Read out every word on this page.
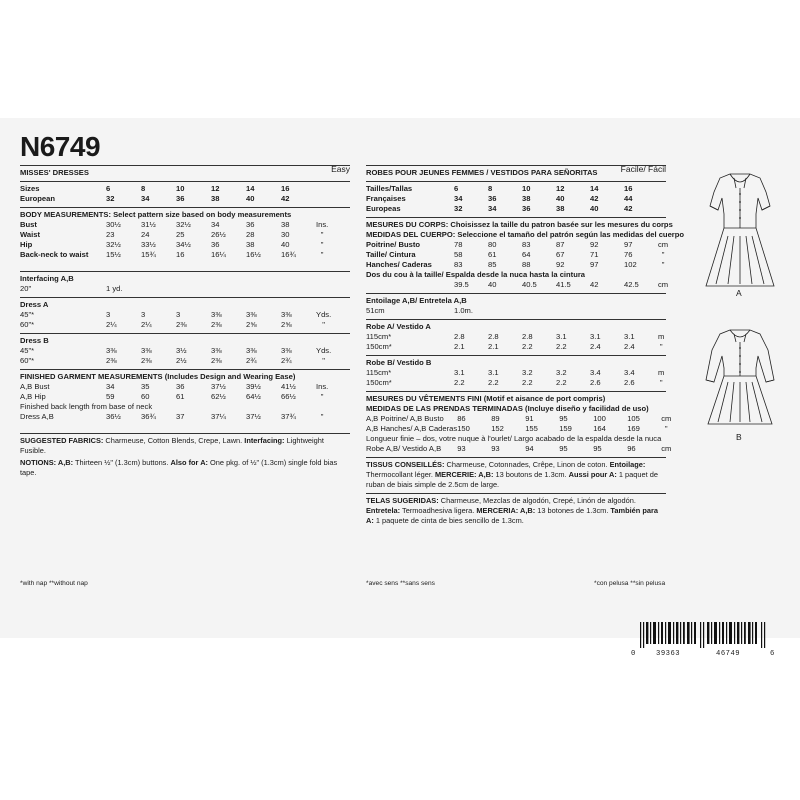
N6749
Easy
MISSES' DRESSES
Sizes	6	8	10	12	14	16
European	32	34	36	38	40	42
BODY MEASUREMENTS: Select pattern size based on body measurements
Bust	30½	31½	32½	34	36	38	Ins.
Waist	23	24	25	26½	28	30	"
Hip	32½	33½	34½	36	38	40	"
Back-neck to waist	15½	15¾	16	16¼	16½	16¾	"
Interfacing A,B
20"	1 yd.
Dress A
45"*	3	3	3	3⅜	3⅜	3⅜	Yds.
60"*	2¼	2¼	2⅜	2⅜	2⅝	2⅝	"
Dress B
45"*	3⅜	3⅜	3½	3⅜	3⅜	3⅜	Yds.
60"*	2⅜	2⅜	2½	2⅜	2¾	2¾	"
FINISHED GARMENT MEASUREMENTS (Includes Design and Wearing Ease)
A,B Bust	34	35	36	37½	39½	41½	Ins.
A,B Hip	59	60	61	62½	64½	66½	"
Finished back length from base of neck							
Dress A,B	36½	36¾	37	37¼	37½	37¾	"
SUGGESTED FABRICS: Charmeuse, Cotton Blends, Crepe, Lawn. Interfacing: Lightweight Fusible.
NOTIONS: A,B: Thirteen ½" (1.3cm) buttons. Also for A: One pkg. of ½" (1.3cm) single fold bias tape.
Facile/ Fácil
ROBES POUR JEUNES FEMMES / VESTIDOS PARA SEÑORITAS
Tailles/Tallas	6	8	10	12	14	16
Françaises	34	36	38	40	42	44
Europeas	32	34	36	38	40	42
MESURES DU CORPS: Choisissez la taille du patron basée sur les mesures du corps
MEDIDAS DEL CUERPO: Seleccione el tamaño del patrón según las medidas del cuerpo
Poitrine/ Busto	78	80	83	87	92	97	cm
Taille/ Cintura	58	61	64	67	71	76	"
Hanches/ Caderas	83	85	88	92	97	102	"
Dos du cou à la taille/ Espalda desde la nuca hasta la cintura							
	39.5	40	40.5	41.5	42	42.5	cm
Entoilage A,B/ Entretela A,B
51cm	1.0m.
Robe A/ Vestido A
115cm*	2.8	2.8	2.8	3.1	3.1	3.1	m
150cm*	2.1	2.1	2.2	2.2	2.4	2.4	"
Robe B/ Vestido B
115cm*	3.1	3.1	3.2	3.2	3.4	3.4	m
150cm*	2.2	2.2	2.2	2.2	2.6	2.6	"
MESURES DU VÊTEMENTS FINI (Motif et aisance de port compris)
MEDIDAS DE LAS PRENDAS TERMINADAS (Incluye diseño y facilidad de uso)
A,B Poitrine/ A,B Busto	86	89	91	95	100	105	cm
A,B Hanches/ A,B Caderas	150	152	155	159	164	169	"
Longueur finie – dos, votre nuque à l'ourlet/ Largo acabado de la espalda desde la nuca							
Robe A,B/ Vestido A,B	93	93	94	95	95	96	cm
TISSUS CONSEILLÉS: Charmeuse, Cotonnades, Crêpe, Linon de coton. Entoilage: Thermocollant léger. MERCERIE: A,B: 13 boutons de 1.3cm. Aussi pour A: 1 paquet de ruban de biais simple de 2.5cm de large.
TELAS SUGERIDAS: Charmeuse, Mezclas de algodón, Crepé, Linón de algodón. Entretela: Termoadhesiva ligera. MERCERIA: A,B: 13 botones de 1.3cm. También para A: 1 paquete de cinta de bies sencillo de 1.3cm.
*with nap **without nap	*avec sens **sans sens	*con pelusa **sin pelusa
A
B
0	39363	46749	6
